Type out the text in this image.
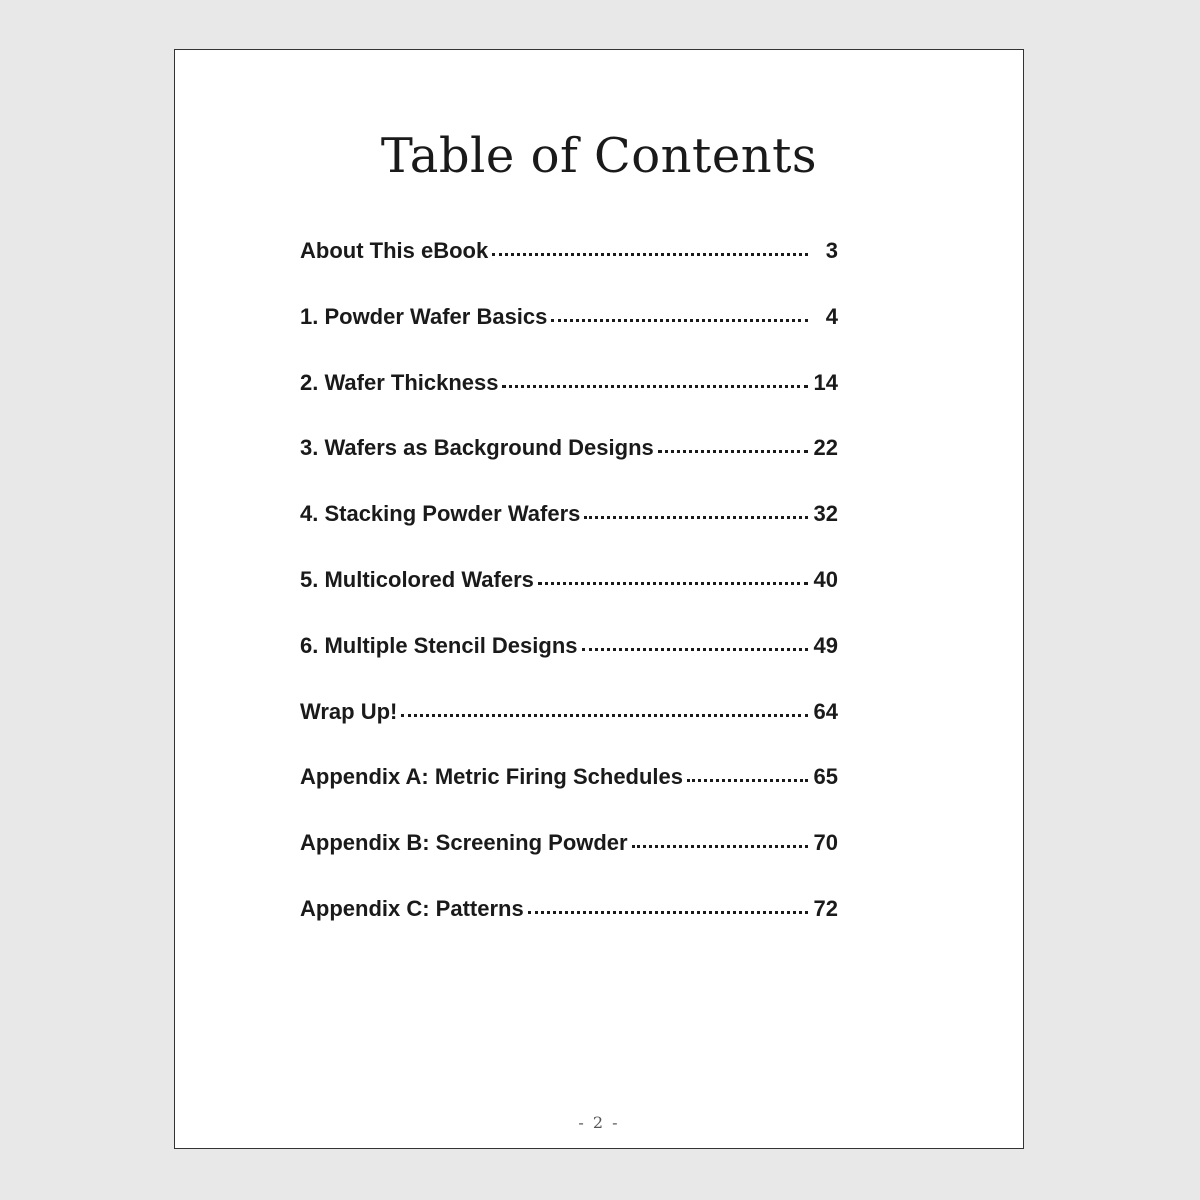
Table of Contents
About This eBook	3
1. Powder Wafer Basics	4
2. Wafer Thickness	14
3. Wafers as Background Designs	22
4. Stacking Powder Wafers	32
5. Multicolored Wafers	40
6. Multiple Stencil Designs	49
Wrap Up!	64
Appendix A: Metric Firing Schedules	65
Appendix B: Screening Powder	70
Appendix C: Patterns	72
- 2 -
